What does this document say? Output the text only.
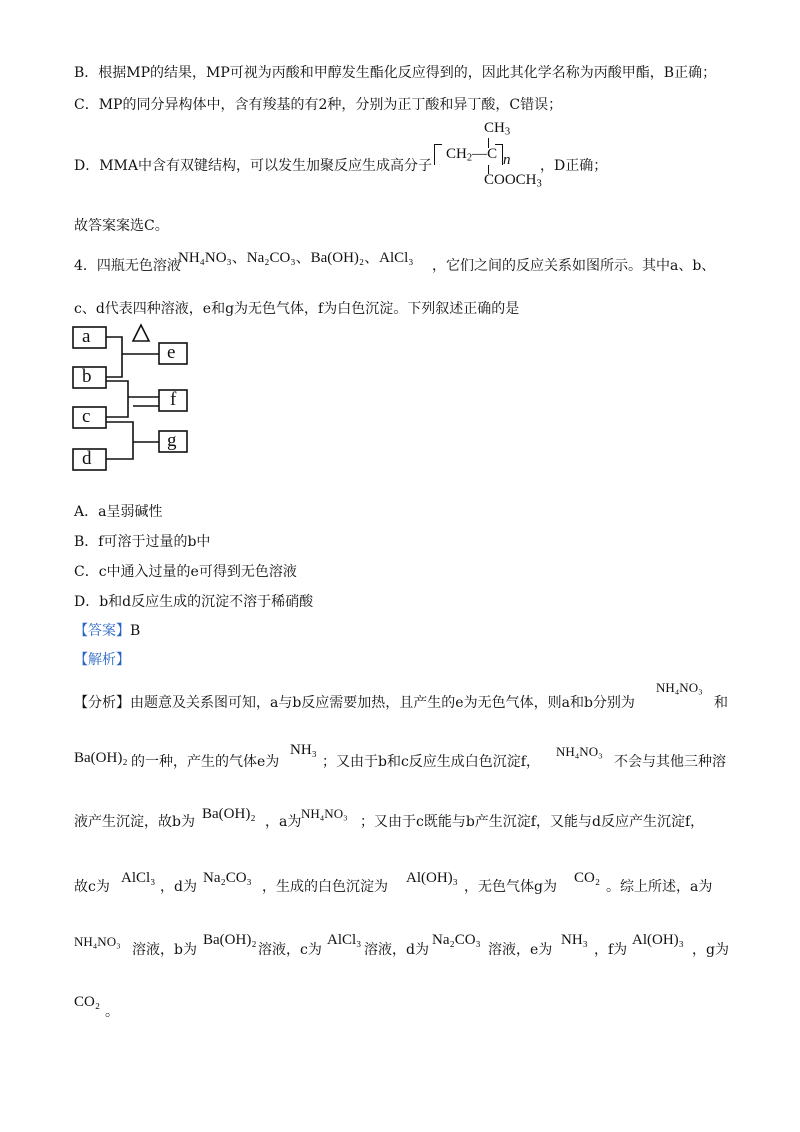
B．根据MP的结果，MP可视为丙酸和甲醇发生酯化反应得到的，因此其化学名称为丙酸甲酯，B正确；
C．MP的同分异构体中，含有羧基的有2种，分别为正丁酸和异丁酸，C错误；
D．MMA中含有双键结构，可以发生加聚反应生成高分子
$CH_3$
$CH_2—C$ n
$COOCH_3$
，D正确；
故答案案选C。
4．四瓶无色溶液
NH₄NO₃、Na₂CO₃、Ba(OH)₂、AlCl₃ ，它们之间的反应关系如图所示。其中a、b、
c、d代表四种溶液，e和g为无色气体，f为白色沉淀。下列叙述正确的是
a
b
c
d
e
f
g
A．a呈弱碱性
B．f可溶于过量的b中
C．c中通入过量的e可得到无色溶液
D．b和d反应生成的沉淀不溶于稀硝酸
【答案】B
【解析】
【分析】由题意及关系图可知，a与b反应需要加热，且产生的e为无色气体，则a和b分别为
NH₄NO₃
和
Ba(OH)₂ 的一种，产生的气体e为
NH₃
；又由于b和c反应生成白色沉淀f，
NH₄NO₃
不会与其他三种溶
液产生沉淀，故b为 Ba(OH)₂ ，a为
NH₄NO₃
；又由于c既能与b产生沉淀f，又能与d反应产生沉淀f，
故c为
AlCl₃
，d为
Na₂CO₃
，生成的白色沉淀为
Al(OH)₃
，无色气体g为
CO₂
。综上所述，a为
NH₄NO₃
溶液，b为
Ba(OH)₂
溶液，c为
AlCl₃
溶液，d为
Na₂CO₃
溶液，e为
NH₃
，f为
Al(OH)₃
，g为
CO₂
。
